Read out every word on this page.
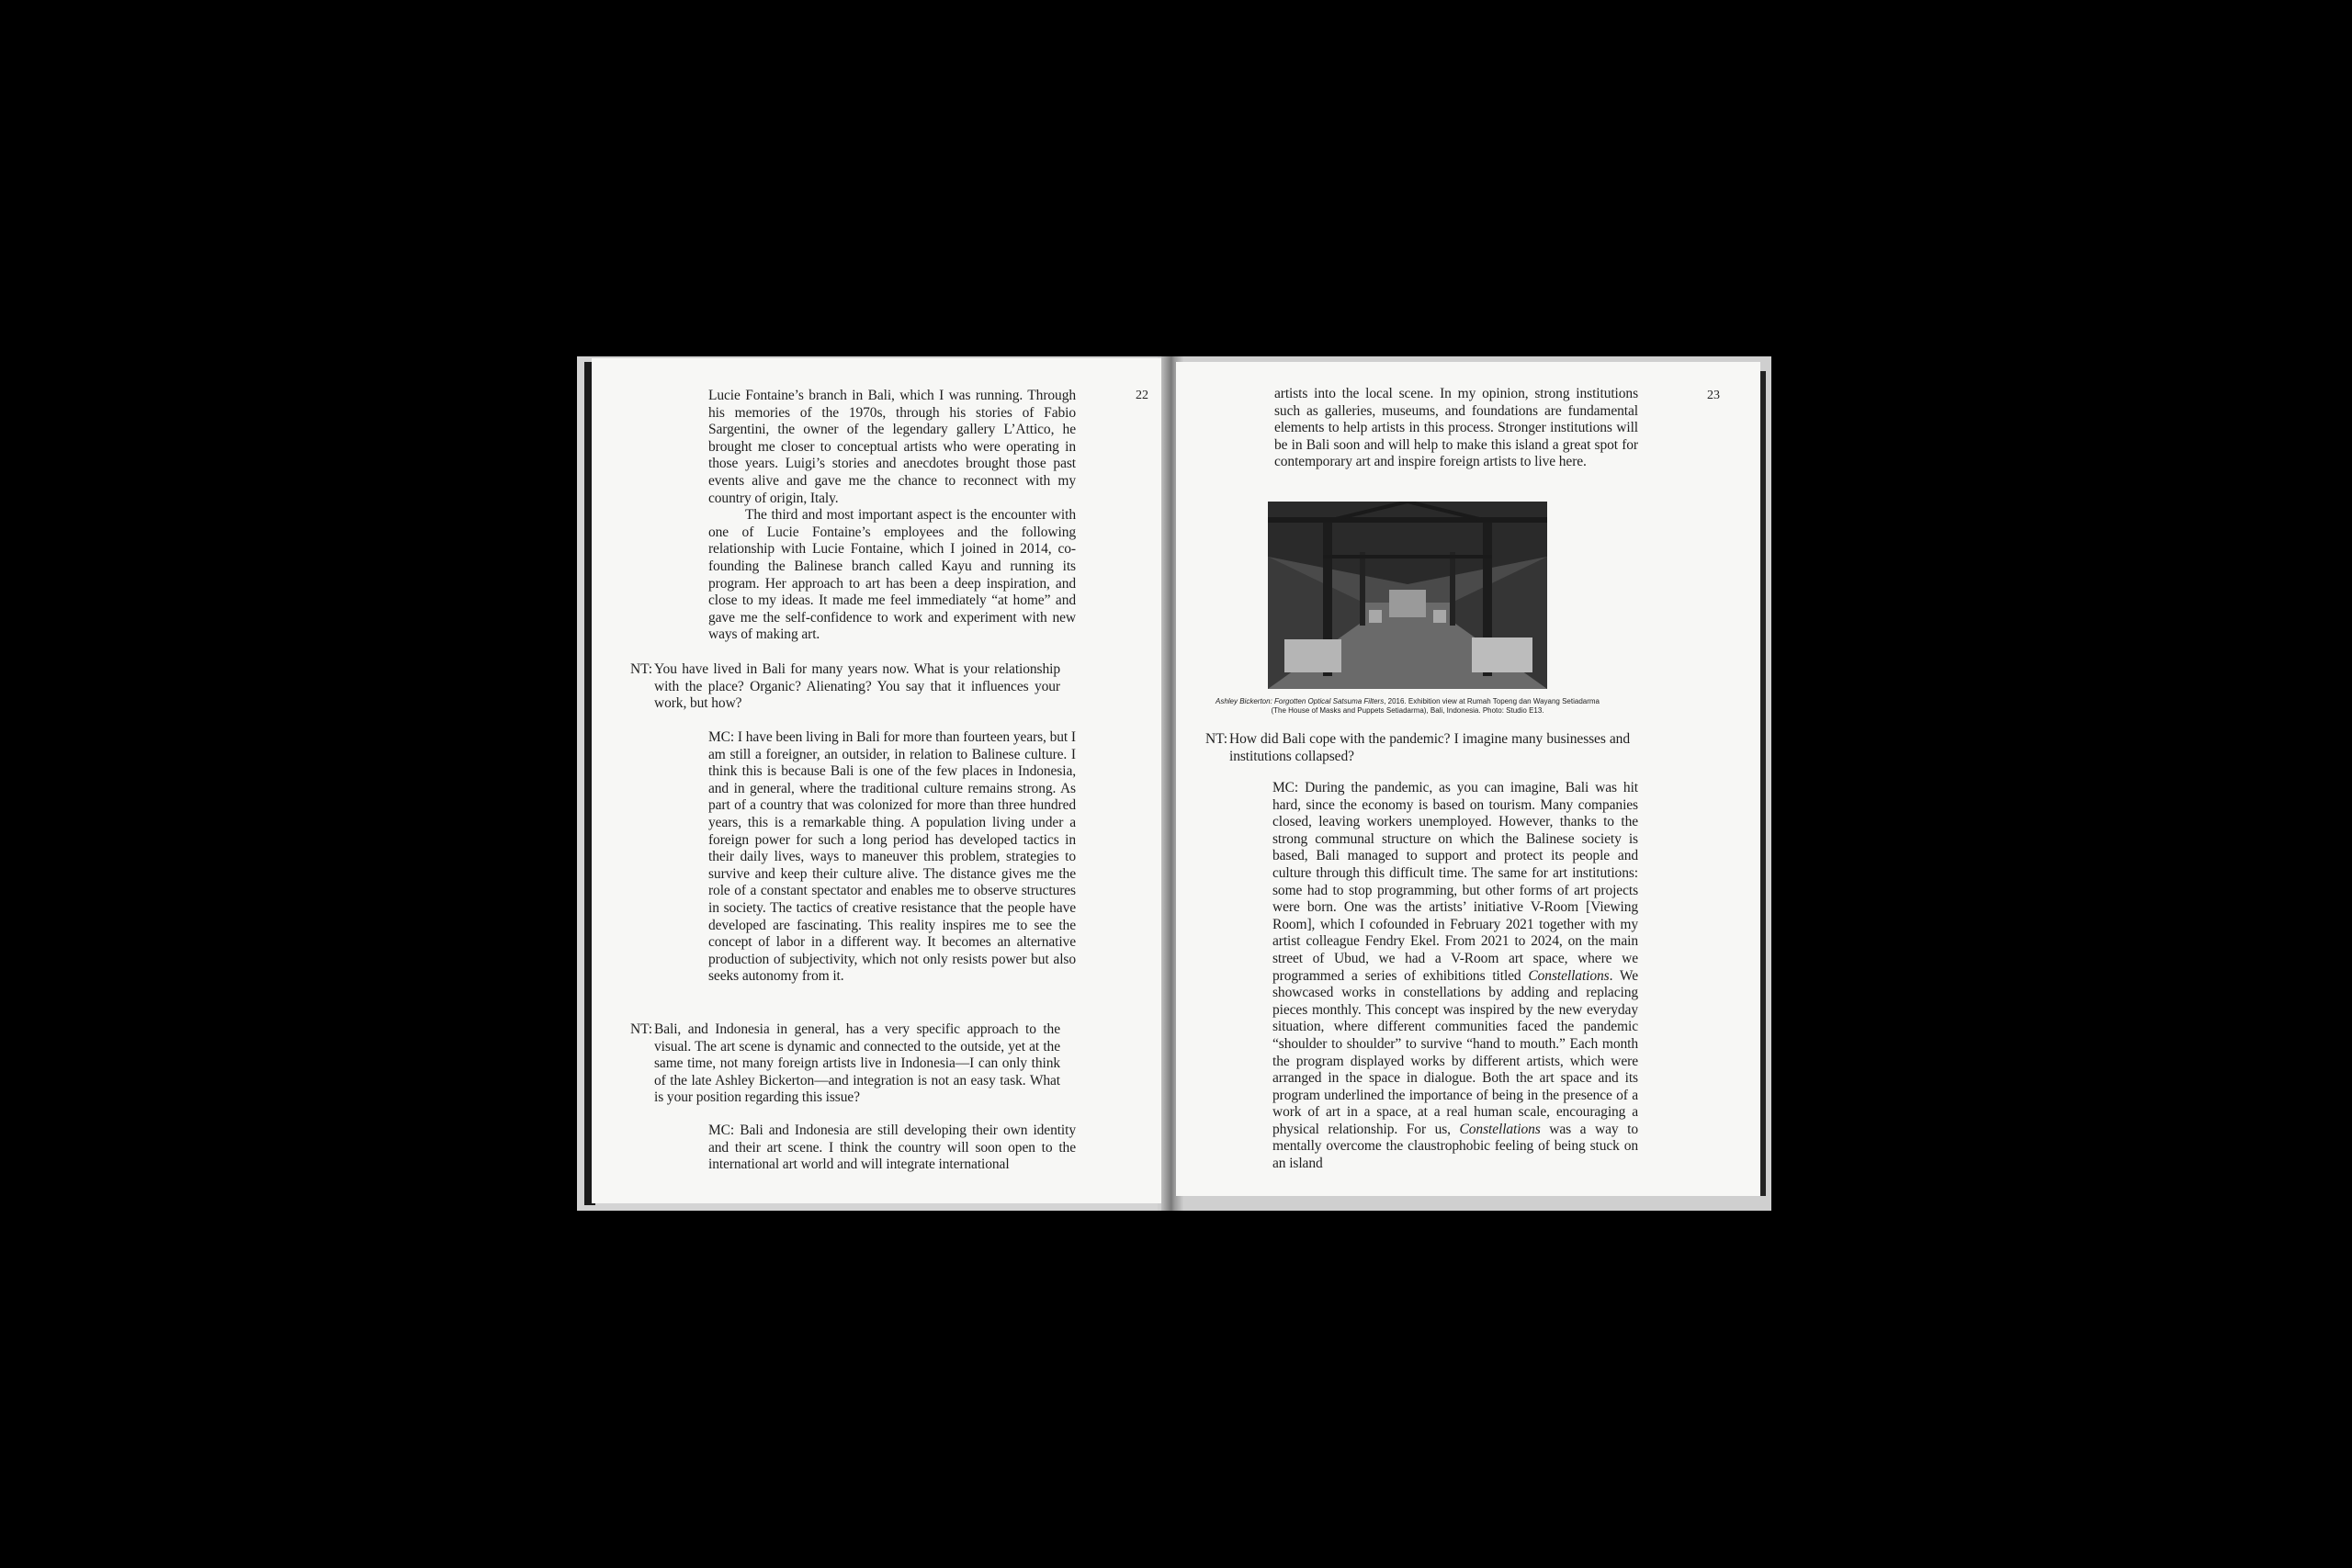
22

Lucie Fontaine’s branch in Bali, which I was running. Through his memories of the 1970s, through his stories of Fabio Sargentini, the owner of the legendary gallery L’Attico, he brought me closer to conceptual artists who were operating in those years. Luigi’s stories and anecdotes brought those past events alive and gave me the chance to reconnect with my country of origin, Italy.

The third and most important aspect is the encounter with one of Lucie Fontaine’s employees and the following relationship with Lucie Fontaine, which I joined in 2014, co-founding the Balinese branch called Kayu and running its program. Her approach to art has been a deep inspiration, and close to my ideas. It made me feel immediately “at home” and gave me the self-confidence to work and experiment with new ways of making art.

NT: You have lived in Bali for many years now. What is your relationship with the place? Organic? Alienating? You say that it influences your work, but how?

MC: I have been living in Bali for more than fourteen years, but I am still a foreigner, an outsider, in relation to Balinese culture. I think this is because Bali is one of the few places in Indonesia, and in general, where the traditional culture remains strong. As part of a country that was colonized for more than three hundred years, this is a remarkable thing. A population living under a foreign power for such a long period has developed tactics in their daily lives, ways to maneuver this problem, strategies to survive and keep their culture alive. The distance gives me the role of a constant spectator and enables me to observe structures in society. The tactics of creative resistance that the people have developed are fascinating. This reality inspires me to see the concept of labor in a different way. It becomes an alternative production of subjectivity, which not only resists power but also seeks autonomy from it.

NT: Bali, and Indonesia in general, has a very specific approach to the visual. The art scene is dynamic and connected to the outside, yet at the same time, not many foreign artists live in Indonesia—I can only think of the late Ashley Bickerton—and integration is not an easy task. What is your position regarding this issue?

MC: Bali and Indonesia are still developing their own identity and their art scene. I think the country will soon open to the international art world and will integrate international

23

artists into the local scene. In my opinion, strong institutions such as galleries, museums, and foundations are fundamental elements to help artists in this process. Stronger institutions will be in Bali soon and will help to make this island a great spot for contemporary art and inspire foreign artists to live here.

Ashley Bickerton: Forgotten Optical Satsuma Filters, 2016. Exhibition view at Rumah Topeng dan Wayang Setiadarma (The House of Masks and Puppets Setiadarma), Bali, Indonesia. Photo: Studio E13.
NT: How did Bali cope with the pandemic? I imagine many businesses and institutions collapsed?

MC: During the pandemic, as you can imagine, Bali was hit hard, since the economy is based on tourism. Many companies closed, leaving workers unemployed. However, thanks to the strong communal structure on which the Balinese society is based, Bali managed to support and protect its people and culture through this difficult time. The same for art institutions: some had to stop programming, but other forms of art projects were born. One was the artists’ initiative V-Room [Viewing Room], which I cofounded in February 2021 together with my artist colleague Fendry Ekel. From 2021 to 2024, on the main street of Ubud, we had a V-Room art space, where we programmed a series of exhibitions titled Constellations. We showcased works in constellations by adding and replacing pieces monthly. This concept was inspired by the new everyday situation, where different communities faced the pandemic “shoulder to shoulder” to survive “hand to mouth.” Each month the program displayed works by different artists, which were arranged in the space in dialogue. Both the art space and its program underlined the importance of being in the presence of a work of art in a space, at a real human scale, encouraging a physical relationship. For us, Constellations was a way to mentally overcome the claustrophobic feeling of being stuck on an island
